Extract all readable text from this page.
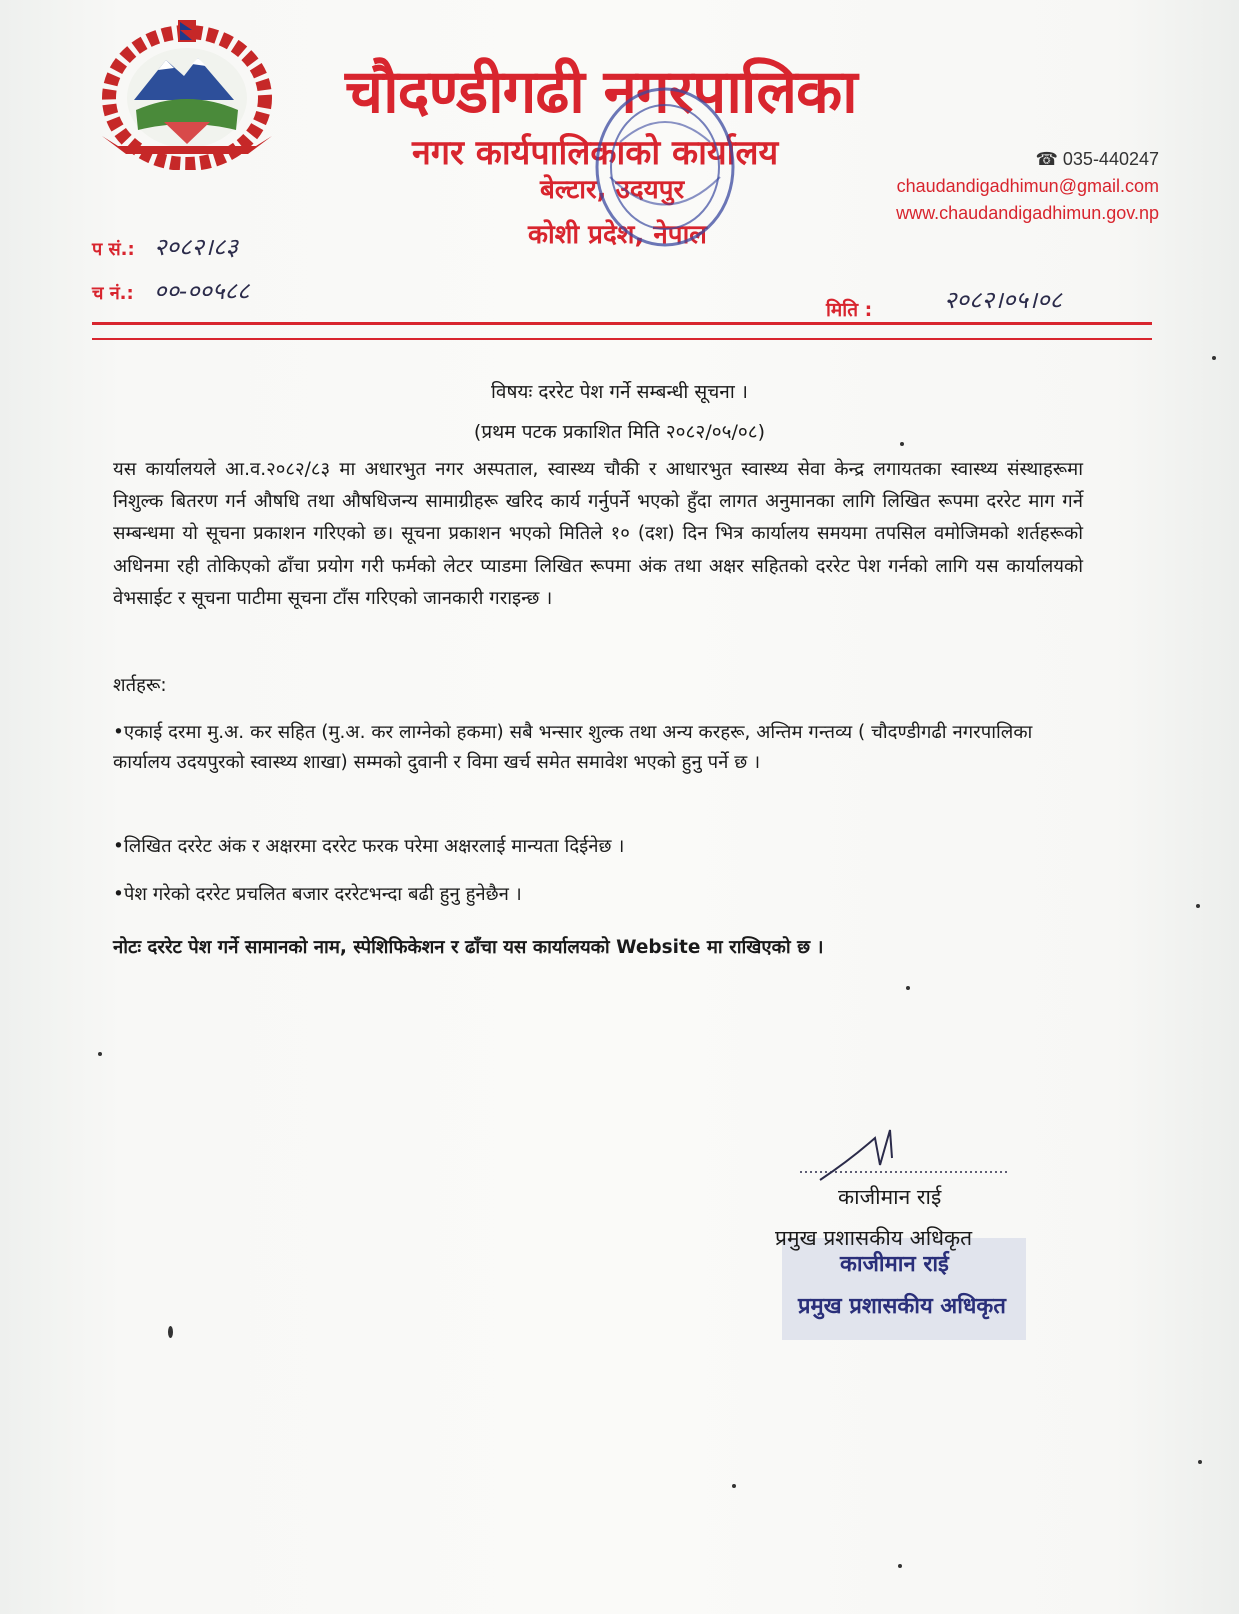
चौदण्डीगढी नगरपालिका
नगर कार्यपालिकाको कार्यालय
बेल्टार, उदयपुर
कोशी प्रदेश, नेपाल
☎ 035-440247
chaudandigadhimun@gmail.com
www.chaudandigadhimun.gov.np
प सं.: २०८२।८३
च नं.: ००-००५८८
मिति :	२०८२।०५।०८
विषयः दररेट पेश गर्ने सम्बन्धी सूचना ।
(प्रथम पटक प्रकाशित मिति २०८२/०५/०८)
यस कार्यालयले आ.व.२०८२/८३ मा अधारभुत नगर अस्पताल, स्वास्थ्य चौकी र आधारभुत स्वास्थ्य सेवा केन्द्र लगायतका स्वास्थ्य संस्थाहरूमा निशुल्क बितरण गर्न औषधि तथा औषधिजन्य सामाग्रीहरू खरिद कार्य गर्नुपर्ने भएको हुँदा लागत अनुमानका लागि लिखित रूपमा दररेट माग गर्ने सम्बन्धमा यो सूचना प्रकाशन गरिएको छ। सूचना प्रकाशन भएको मितिले १० (दश) दिन भित्र कार्यालय समयमा तपसिल वमोजिमको शर्तहरूको अधिनमा रही तोकिएको ढाँचा प्रयोग गरी फर्मको लेटर प्याडमा लिखित रूपमा अंक तथा अक्षर सहितको दररेट पेश गर्नको लागि यस कार्यालयको वेभसाईट र सूचना पाटीमा सूचना टाँस गरिएको जानकारी गराइन्छ ।
शर्तहरू:
•एकाई दरमा मु.अ. कर सहित (मु.अ. कर लाग्नेको हकमा) सबै भन्सार शुल्क तथा अन्य करहरू, अन्तिम गन्तव्य ( चौदण्डीगढी नगरपालिका कार्यालय उदयपुरको स्वास्थ्य शाखा) सम्मको दुवानी र विमा खर्च समेत समावेश भएको हुनु पर्ने छ ।
•लिखित दररेट अंक र अक्षरमा दररेट फरक परेमा अक्षरलाई मान्यता दिईनेछ ।
•पेश गरेको दररेट प्रचलित बजार दररेटभन्दा बढी हुनु हुनेछैन ।
नोटः दररेट पेश गर्ने सामानको नाम, स्पेशिफिकेशन र ढाँचा यस कार्यालयको Website मा राखिएको छ ।
काजीमान राई
प्रमुख प्रशासकीय अधिकृत
काजीमान राई
प्रमुख प्रशासकीय अधिकृत
